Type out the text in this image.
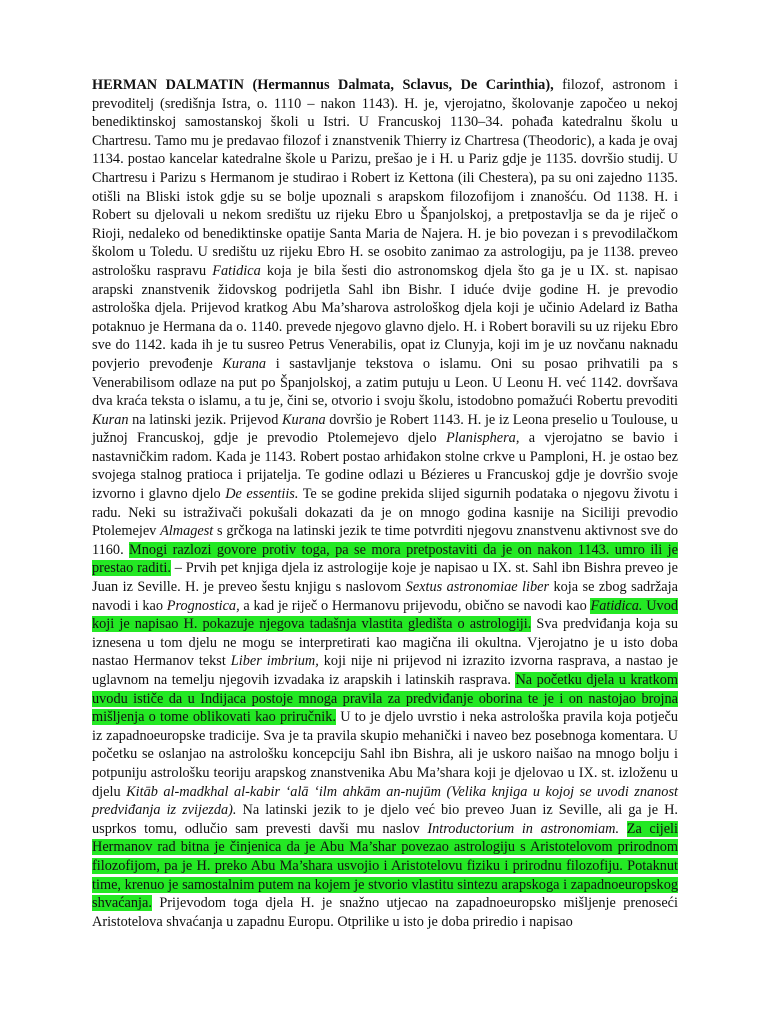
HERMAN DALMATIN (Hermannus Dalmata, Sclavus, De Carinthia), filozof, astronom i prevoditelj (središnja Istra, o. 1110 – nakon 1143). H. je, vjerojatno, školovanje započeo u nekoj benediktinskoj samostanskoj školi u Istri. U Francuskoj 1130–34. pohađa katedralnu školu u Chartresu. Tamo mu je predavao filozof i znanstvenik Thierry iz Chartresa (Theodoric), a kada je ovaj 1134. postao kancelar katedralne škole u Parizu, prešao je i H. u Pariz gdje je 1135. dovršio studij. U Chartresu i Parizu s Hermanom je studirao i Robert iz Kettona (ili Chestera), pa su oni zajedno 1135. otišli na Bliski istok gdje su se bolje upoznali s arapskom filozofijom i znanošću. Od 1138. H. i Robert su djelovali u nekom središtu uz rijeku Ebro u Španjolskoj, a pretpostavlja se da je riječ o Rioji, nedaleko od benediktinske opatije Santa Maria de Najera. H. je bio povezan i s prevodilačkom školom u Toledu. U središtu uz rijeku Ebro H. se osobito zanimao za astrologiju, pa je 1138. preveo astrološku raspravu Fatidica koja je bila šesti dio astronomskog djela što ga je u IX. st. napisao arapski znanstvenik židovskog podrijetla Sahl ibn Bishr. I iduće dvije godine H. je prevodio astrološka djela. Prijevod kratkog Abu Ma’sharova astrološkog djela koji je učinio Adelard iz Batha potaknuo je Hermana da o. 1140. prevede njegovo glavno djelo. H. i Robert boravili su uz rijeku Ebro sve do 1142. kada ih je tu susreo Petrus Venerabilis, opat iz Clunyja, koji im je uz novčanu naknadu povjerio prevođenje Kurana i sastavljanje tekstova o islamu. Oni su posao prihvatili pa s Venerabilisom odlaze na put po Španjolskoj, a zatim putuju u Leon. U Leonu H. već 1142. dovršava dva kraća teksta o islamu, a tu je, čini se, otvorio i svoju školu, istodobno pomažući Robertu prevoditi Kuran na latinski jezik. Prijevod Kurana dovršio je Robert 1143. H. je iz Leona preselio u Toulouse, u južnoj Francuskoj, gdje je prevodio Ptolemejevo djelo Planisphera, a vjerojatno se bavio i nastavničkim radom. Kada je 1143. Robert postao arhiđakon stolne crkve u Pamploni, H. je ostao bez svojega stalnog pratioca i prijatelja. Te godine odlazi u Bézieres u Francuskoj gdje je dovršio svoje izvorno i glavno djelo De essentiis. Te se godine prekida slijed sigurnih podataka o njegovu životu i radu. Neki su istraživači pokušali dokazati da je on mnogo godina kasnije na Siciliji prevodio Ptolemejev Almagest s grčkoga na latinski jezik te time potvrditi njegovu znanstvenu aktivnost sve do 1160. Mnogi razlozi govore protiv toga, pa se mora pretpostaviti da je on nakon 1143. umro ili je prestao raditi. – Prvih pet knjiga djela iz astrologije koje je napisao u IX. st. Sahl ibn Bishra preveo je Juan iz Seville. H. je preveo šestu knjigu s naslovom Sextus astronomiae liber koja se zbog sadržaja navodi i kao Prognostica, a kad je riječ o Hermanovu prijevodu, obično se navodi kao Fatidica. Uvod koji je napisao H. pokazuje njegova tadašnja vlastita gledišta o astrologiji. Sva predviđanja koja su iznesena u tom djelu ne mogu se interpretirati kao magična ili okultna. Vjerojatno je u isto doba nastao Hermanov tekst Liber imbrium, koji nije ni prijevod ni izrazito izvorna rasprava, a nastao je uglavnom na temelju njegovih izvadaka iz arapskih i latinskih rasprava. Na početku djela u kratkom uvodu ističe da u Indijaca postoje mnoga pravila za predviđanje oborina te je i on nastojao brojna mišljenja o tome oblikovati kao priručnik. U to je djelo uvrstio i neka astrološka pravila koja potječu iz zapadnoeuropske tradicije. Sva je ta pravila skupio mehanički i naveo bez posebnoga komentara. U početku se oslanjao na astrološku koncepciju Sahl ibn Bishra, ali je uskoro naišao na mnogo bolju i potpuniju astrološku teoriju arapskog znanstvenika Abu Ma’shara koji je djelovao u IX. st. izloženu u djelu Kitāb al-madkhal al-kabir ‘alā ‘ilm ahkām an-nujūm (Velika knjiga u kojoj se uvodi znanost predviđanja iz zvijezda). Na latinski jezik to je djelo već bio preveo Juan iz Seville, ali ga je H. usprkos tomu, odlučio sam prevesti davši mu naslov Introductorium in astronomiam. Za cijeli Hermanov rad bitna je činjenica da je Abu Ma’shar povezao astrologiju s Aristotelovom prirodnom filozofijom, pa je H. preko Abu Ma’shara usvojio i Aristotelovu fiziku i prirodnu filozofiju. Potaknut time, krenuo je samostalnim putem na kojem je stvorio vlastitu sintezu arapskoga i zapadnoeuropskog shvaćanja. Prijevodom toga djela H. je snažno utjecao na zapadnoeuropsko mišljenje prenoseći Aristotelova shvaćanja u zapadnu Europu. Otprilike u isto je doba priredio i napisao
